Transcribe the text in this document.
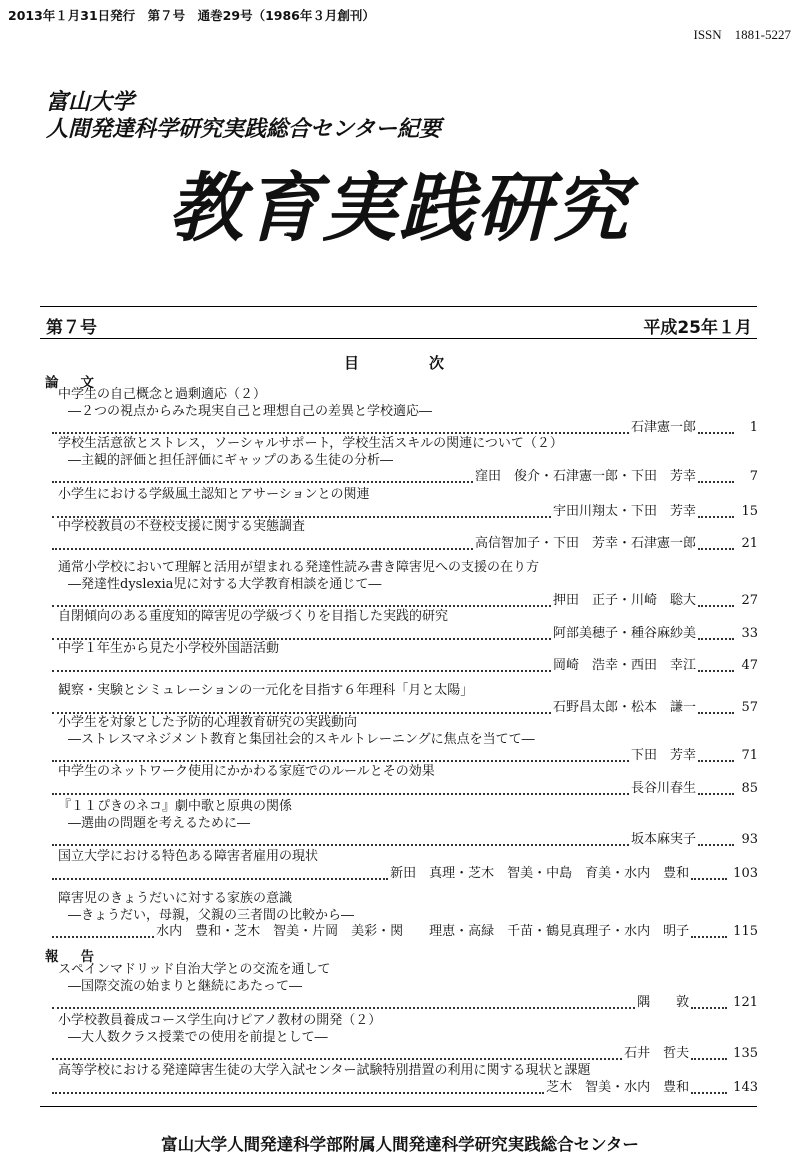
2013年１月31日発行　第７号　通巻29号（1986年３月創刊）
ISSN　1881-5227
富山大学
人間発達科学研究実践総合センター紀要
教育実践研究
第７号	平成25年１月
目次
論文
中学生の自己概念と過剰適応（２）
―２つの視点からみた現実自己と理想自己の差異と学校適応―
石津憲一郎	1
学校生活意欲とストレス，ソーシャルサポート，学校生活スキルの関連について（２）
―主観的評価と担任評価にギャップのある生徒の分析―
窪田　俊介・石津憲一郎・下田　芳幸	7
小学生における学級風土認知とアサーションとの関連
宇田川翔太・下田　芳幸	15
中学校教員の不登校支援に関する実態調査
高信智加子・下田　芳幸・石津憲一郎	21
通常小学校において理解と活用が望まれる発達性読み書き障害児への支援の在り方
―発達性dyslexia児に対する大学教育相談を通じて―
押田　正子・川崎　聡大	27
自閉傾向のある重度知的障害児の学級づくりを目指した実践的研究
阿部美穂子・種谷麻紗美	33
中学１年生から見た小学校外国語活動
岡崎　浩幸・西田　幸江	47
観察・実験とシミュレーションの一元化を目指す６年理科「月と太陽」
石野昌太郎・松本　謙一	57
小学生を対象とした予防的心理教育研究の実践動向
―ストレスマネジメント教育と集団社会的スキルトレーニングに焦点を当てて―
下田　芳幸	71
中学生のネットワーク使用にかかわる家庭でのルールとその効果
長谷川春生	85
『１１ぴきのネコ』劇中歌と原典の関係
―選曲の問題を考えるために―
坂本麻実子	93
国立大学における特色ある障害者雇用の現状
新田　真理・芝木　智美・中島　育美・水内　豊和	103
障害児のきょうだいに対する家族の意識
―きょうだい，母親，父親の三者間の比較から―
水内　豊和・芝木　智美・片岡　美彩・関　　理恵・高緑　千苗・鶴見真理子・水内　明子	115
報告
スペインマドリッド自治大学との交流を通して
―国際交流の始まりと継続にあたって―
隅　　敦	121
小学校教員養成コース学生向けピアノ教材の開発（２）
―大人数クラス授業での使用を前提として―
石井　哲夫	135
高等学校における発達障害生徒の大学入試センター試験特別措置の利用に関する現状と課題
芝木　智美・水内　豊和	143
富山大学人間発達科学部附属人間発達科学研究実践総合センター
